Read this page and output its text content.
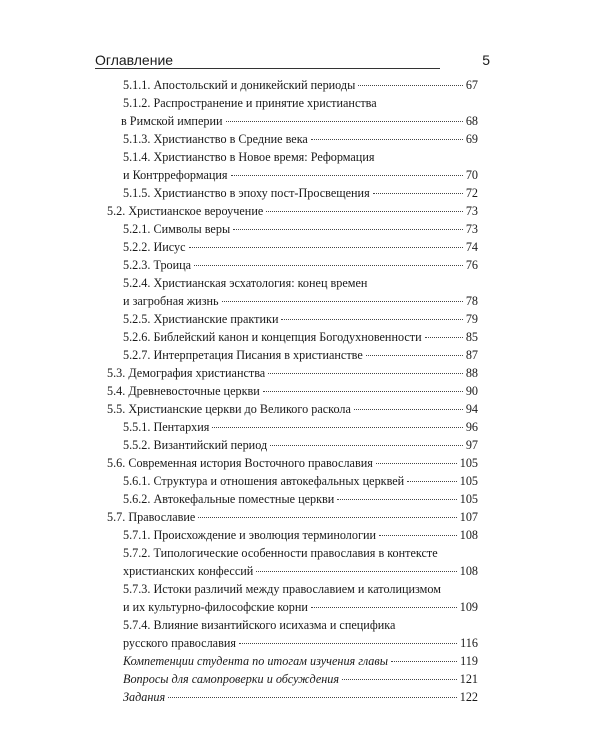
Оглавление	5
5.1.1. Апостольский и доникейский периоды	67
5.1.2. Распространение и принятие христианства
в Римской империи	68
5.1.3. Христианство в Средние века	69
5.1.4. Христианство в Новое время: Реформация
и Контрреформация	70
5.1.5. Христианство в эпоху пост-Просвещения	72
5.2. Христианское вероучение	73
5.2.1. Символы веры	73
5.2.2. Иисус	74
5.2.3. Троица	76
5.2.4. Христианская эсхатология: конец времен
и загробная жизнь	78
5.2.5. Христианские практики	79
5.2.6. Библейский канон и концепция Богодухновенности	85
5.2.7. Интерпретация Писания в христианстве	87
5.3. Демография христианства	88
5.4. Древневосточные церкви	90
5.5. Христианские церкви до Великого раскола	94
5.5.1. Пентархия	96
5.5.2. Византийский период	97
5.6. Современная история Восточного православия	105
5.6.1. Структура и отношения автокефальных церквей	105
5.6.2. Автокефальные поместные церкви	105
5.7. Православие	107
5.7.1. Происхождение и эволюция терминологии	108
5.7.2. Типологические особенности православия в контексте
христианских конфессий	108
5.7.3. Истоки различий между православием и католицизмом
и их культурно-философские корни	109
5.7.4. Влияние византийского исихазма и специфика
русского православия	116
Компетенции студента по итогам изучения главы	119
Вопросы для самопроверки и обсуждения	121
Задания	122
